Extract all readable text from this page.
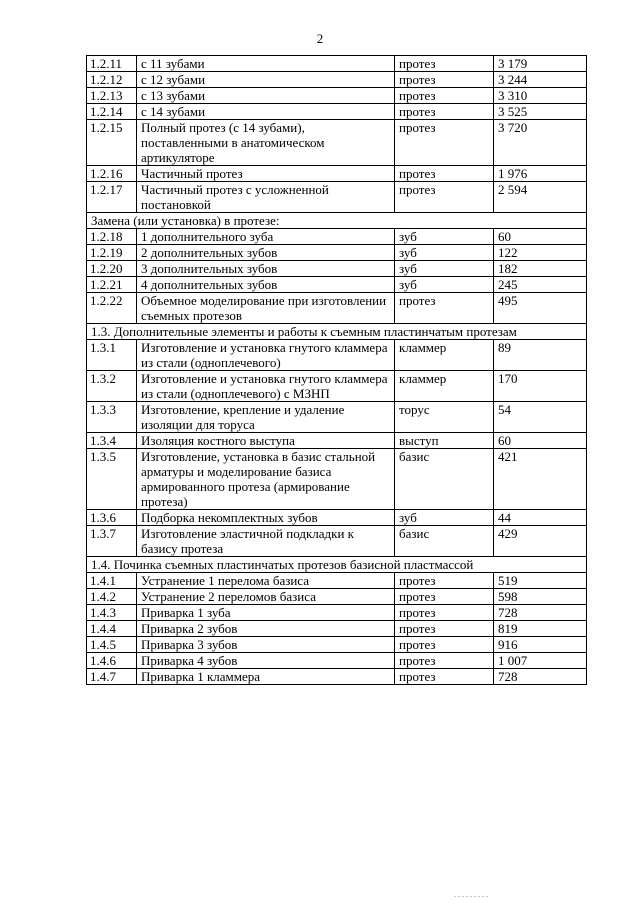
2
1.2.11	с 11 зубами	протез	3 179
1.2.12	с 12 зубами	протез	3 244
1.2.13	с 13 зубами	протез	3 310
1.2.14	с 14 зубами	протез	3 525
1.2.15	Полный протез (с 14 зубами), поставленными в анатомическом артикуляторе	протез	3 720
1.2.16	Частичный протез	протез	1 976
1.2.17	Частичный протез с усложненной постановкой	протез	2 594
Замена (или установка) в протезе:			
1.2.18	1 дополнительного зуба	зуб	60
1.2.19	2 дополнительных зубов	зуб	122
1.2.20	3 дополнительных зубов	зуб	182
1.2.21	4 дополнительных зубов	зуб	245
1.2.22	Объемное моделирование при изготовлении съемных протезов	протез	495
1.3. Дополнительные элементы и работы к съемным пластинчатым протезам			
1.3.1	Изготовление и установка гнутого кламмера из стали (одноплечевого)	кламмер	89
1.3.2	Изготовление и установка гнутого кламмера из стали (одноплечевого) с МЗНП	кламмер	170
1.3.3	Изготовление, крепление и удаление изоляции для торуса	торус	54
1.3.4	Изоляция костного выступа	выступ	60
1.3.5	Изготовление, установка в базис стальной арматуры и моделирование базиса армированного протеза (армирование протеза)	базис	421
1.3.6	Подборка некомплектных зубов	зуб	44
1.3.7	Изготовление эластичной подкладки к базису протеза	базис	429
1.4. Починка съемных пластинчатых протезов базисной пластмассой			
1.4.1	Устранение 1 перелома базиса	протез	519
1.4.2	Устранение 2 переломов базиса	протез	598
1.4.3	Приварка 1 зуба	протез	728
1.4.4	Приварка 2 зубов	протез	819
1.4.5	Приварка 3 зубов	протез	916
1.4.6	Приварка 4 зубов	протез	1 007
1.4.7	Приварка 1 кламмера	протез	728
. . . . . . . . .
